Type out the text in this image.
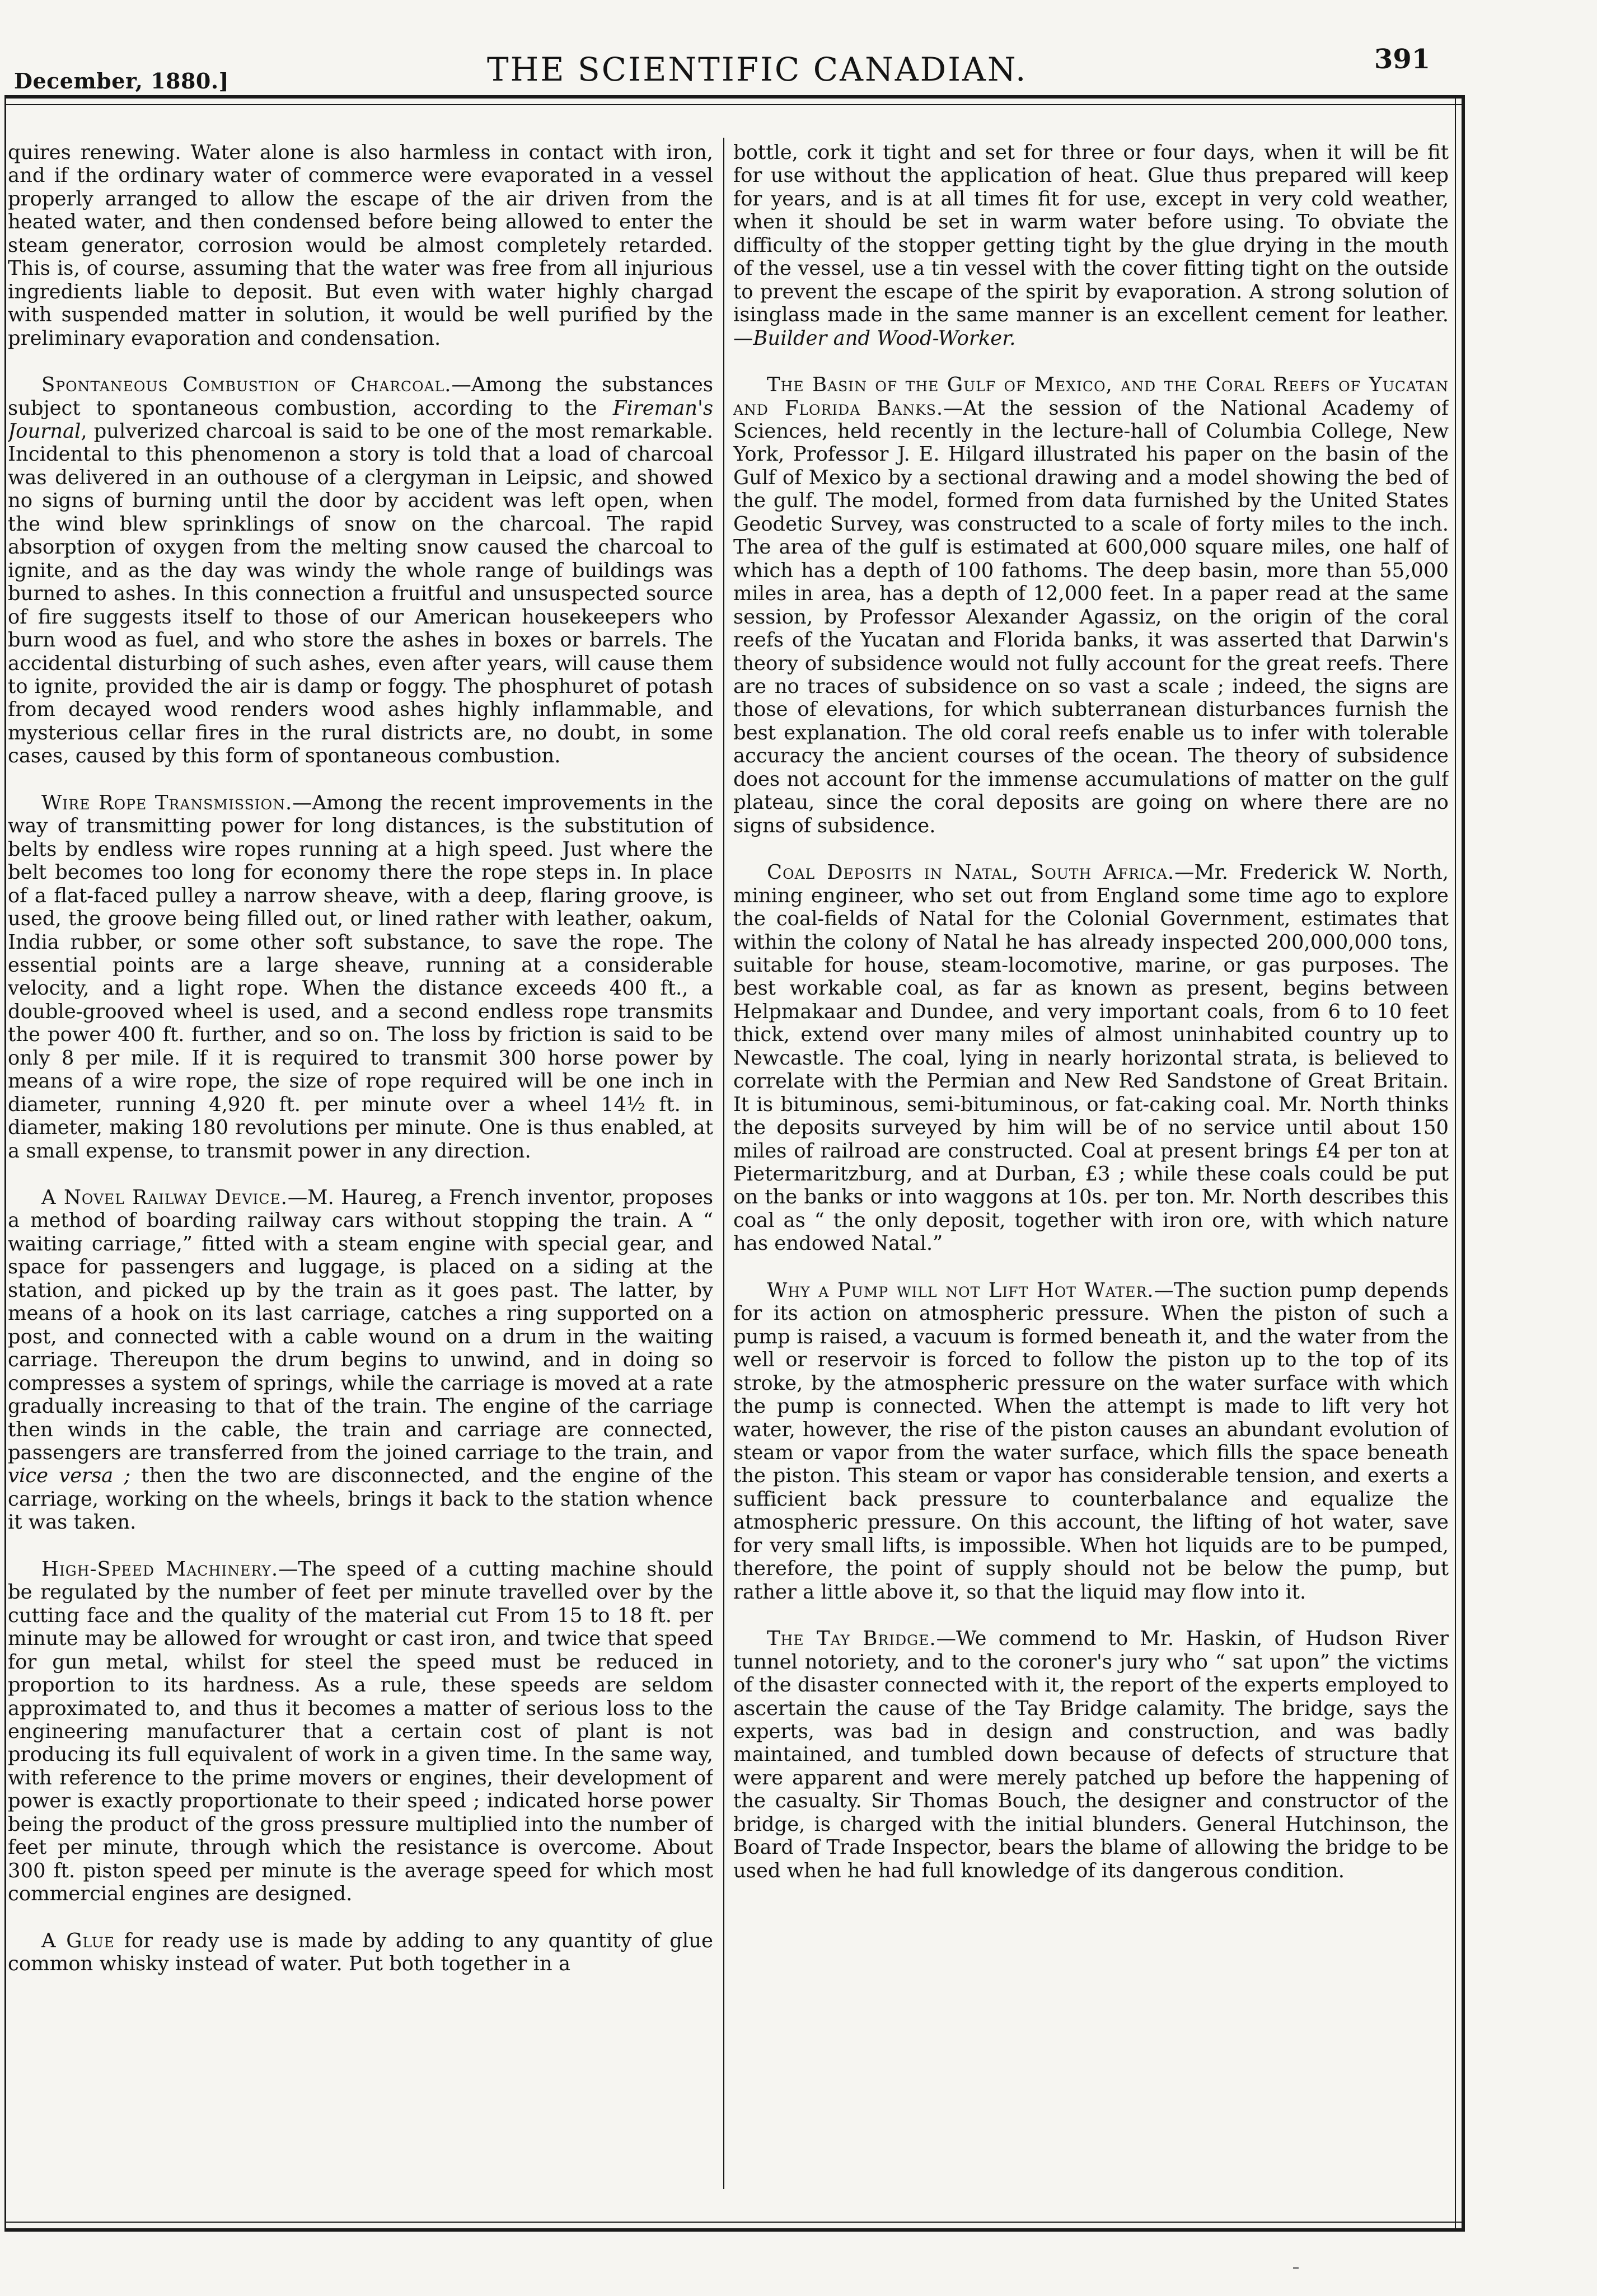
December, 1880.]	THE SCIENTIFIC CANADIAN.	391

quires renewing. Water alone is also harmless in contact with iron, and if the ordinary water of commerce were evaporated in a vessel properly arranged to allow the escape of the air driven from the heated water, and then condensed before being allowed to enter the steam generator, corrosion would be almost completely retarded. This is, of course, assuming that the water was free from all injurious ingredients liable to deposit. But even with water highly chargad with suspended matter in solution, it would be well purified by the preliminary evaporation and condensation.

Spontaneous Combustion of Charcoal.—Among the substances subject to spontaneous combustion, according to the Fireman's Journal, pulverized charcoal is said to be one of the most remarkable. Incidental to this phenomenon a story is told that a load of charcoal was delivered in an outhouse of a clergyman in Leipsic, and showed no signs of burning until the door by accident was left open, when the wind blew sprinklings of snow on the charcoal. The rapid absorption of oxygen from the melting snow caused the charcoal to ignite, and as the day was windy the whole range of buildings was burned to ashes. In this connection a fruitful and unsuspected source of fire suggests itself to those of our American housekeepers who burn wood as fuel, and who store the ashes in boxes or barrels. The accidental disturbing of such ashes, even after years, will cause them to ignite, provided the air is damp or foggy. The phosphuret of potash from decayed wood renders wood ashes highly inflammable, and mysterious cellar fires in the rural districts are, no doubt, in some cases, caused by this form of spontaneous combustion.

Wire Rope Transmission.—Among the recent improvements in the way of transmitting power for long distances, is the substitution of belts by endless wire ropes running at a high speed. Just where the belt becomes too long for economy there the rope steps in. In place of a flat-faced pulley a narrow sheave, with a deep, flaring groove, is used, the groove being filled out, or lined rather with leather, oakum, India rubber, or some other soft substance, to save the rope. The essential points are a large sheave, running at a considerable velocity, and a light rope. When the distance exceeds 400 ft., a double-grooved wheel is used, and a second endless rope transmits the power 400 ft. further, and so on. The loss by friction is said to be only 8 per mile. If it is required to transmit 300 horse power by means of a wire rope, the size of rope required will be one inch in diameter, running 4,920 ft. per minute over a wheel 14½ ft. in diameter, making 180 revolutions per minute. One is thus enabled, at a small expense, to transmit power in any direction.

A Novel Railway Device.—M. Haureg, a French inventor, proposes a method of boarding railway cars without stopping the train. A “ waiting carriage,” fitted with a steam engine with special gear, and space for passengers and luggage, is placed on a siding at the station, and picked up by the train as it goes past. The latter, by means of a hook on its last carriage, catches a ring supported on a post, and connected with a cable wound on a drum in the waiting carriage. Thereupon the drum begins to unwind, and in doing so compresses a system of springs, while the carriage is moved at a rate gradually increasing to that of the train. The engine of the carriage then winds in the cable, the train and carriage are connected, passengers are transferred from the joined carriage to the train, and vice versa ; then the two are disconnected, and the engine of the carriage, working on the wheels, brings it back to the station whence it was taken.

High-Speed Machinery.—The speed of a cutting machine should be regulated by the number of feet per minute travelled over by the cutting face and the quality of the material cut From 15 to 18 ft. per minute may be allowed for wrought or cast iron, and twice that speed for gun metal, whilst for steel the speed must be reduced in proportion to its hardness. As a rule, these speeds are seldom approximated to, and thus it becomes a matter of serious loss to the engineering manufacturer that a certain cost of plant is not producing its full equivalent of work in a given time. In the same way, with reference to the prime movers or engines, their development of power is exactly proportionate to their speed ; indicated horse power being the product of the gross pressure multiplied into the number of feet per minute, through which the resistance is overcome. About 300 ft. piston speed per minute is the average speed for which most commercial engines are designed.

A Glue for ready use is made by adding to any quantity of glue common whisky instead of water. Put both together in a

bottle, cork it tight and set for three or four days, when it will be fit for use without the application of heat. Glue thus prepared will keep for years, and is at all times fit for use, except in very cold weather, when it should be set in warm water before using. To obviate the difficulty of the stopper getting tight by the glue drying in the mouth of the vessel, use a tin vessel with the cover fitting tight on the outside to prevent the escape of the spirit by evaporation. A strong solution of isinglass made in the same manner is an excellent cement for leather.—Builder and Wood-Worker.

The Basin of the Gulf of Mexico, and the Coral Reefs of Yucatan and Florida Banks.—At the session of the National Academy of Sciences, held recently in the lecture-hall of Columbia College, New York, Professor J. E. Hilgard illustrated his paper on the basin of the Gulf of Mexico by a sectional drawing and a model showing the bed of the gulf. The model, formed from data furnished by the United States Geodetic Survey, was constructed to a scale of forty miles to the inch. The area of the gulf is estimated at 600,000 square miles, one half of which has a depth of 100 fathoms. The deep basin, more than 55,000 miles in area, has a depth of 12,000 feet. In a paper read at the same session, by Professor Alexander Agassiz, on the origin of the coral reefs of the Yucatan and Florida banks, it was asserted that Darwin's theory of subsidence would not fully account for the great reefs. There are no traces of subsidence on so vast a scale ; indeed, the signs are those of elevations, for which subterranean disturbances furnish the best explanation. The old coral reefs enable us to infer with tolerable accuracy the ancient courses of the ocean. The theory of subsidence does not account for the immense accumulations of matter on the gulf plateau, since the coral deposits are going on where there are no signs of subsidence.

Coal Deposits in Natal, South Africa.—Mr. Frederick W. North, mining engineer, who set out from England some time ago to explore the coal-fields of Natal for the Colonial Government, estimates that within the colony of Natal he has already inspected 200,000,000 tons, suitable for house, steam-locomotive, marine, or gas purposes. The best workable coal, as far as known as present, begins between Helpmakaar and Dundee, and very important coals, from 6 to 10 feet thick, extend over many miles of almost uninhabited country up to Newcastle. The coal, lying in nearly horizontal strata, is believed to correlate with the Permian and New Red Sandstone of Great Britain. It is bituminous, semi-bituminous, or fat-caking coal. Mr. North thinks the deposits surveyed by him will be of no service until about 150 miles of railroad are constructed. Coal at present brings £4 per ton at Pietermaritzburg, and at Durban, £3 ; while these coals could be put on the banks or into waggons at 10s. per ton. Mr. North describes this coal as “ the only deposit, together with iron ore, with which nature has endowed Natal.”

Why a Pump will not Lift Hot Water.—The suction pump depends for its action on atmospheric pressure. When the piston of such a pump is raised, a vacuum is formed beneath it, and the water from the well or reservoir is forced to follow the piston up to the top of its stroke, by the atmospheric pressure on the water surface with which the pump is connected. When the attempt is made to lift very hot water, however, the rise of the piston causes an abundant evolution of steam or vapor from the water surface, which fills the space beneath the piston. This steam or vapor has considerable tension, and exerts a sufficient back pressure to counterbalance and equalize the atmospheric pressure. On this account, the lifting of hot water, save for very small lifts, is impossible. When hot liquids are to be pumped, therefore, the point of supply should not be below the pump, but rather a little above it, so that the liquid may flow into it.

The Tay Bridge.—We commend to Mr. Haskin, of Hudson River tunnel notoriety, and to the coroner's jury who “ sat upon” the victims of the disaster connected with it, the report of the experts employed to ascertain the cause of the Tay Bridge calamity. The bridge, says the experts, was bad in design and construction, and was badly maintained, and tumbled down because of defects of structure that were apparent and were merely patched up before the happening of the casualty. Sir Thomas Bouch, the designer and constructor of the bridge, is charged with the initial blunders. General Hutchinson, the Board of Trade Inspector, bears the blame of allowing the bridge to be used when he had full knowledge of its dangerous condition.
